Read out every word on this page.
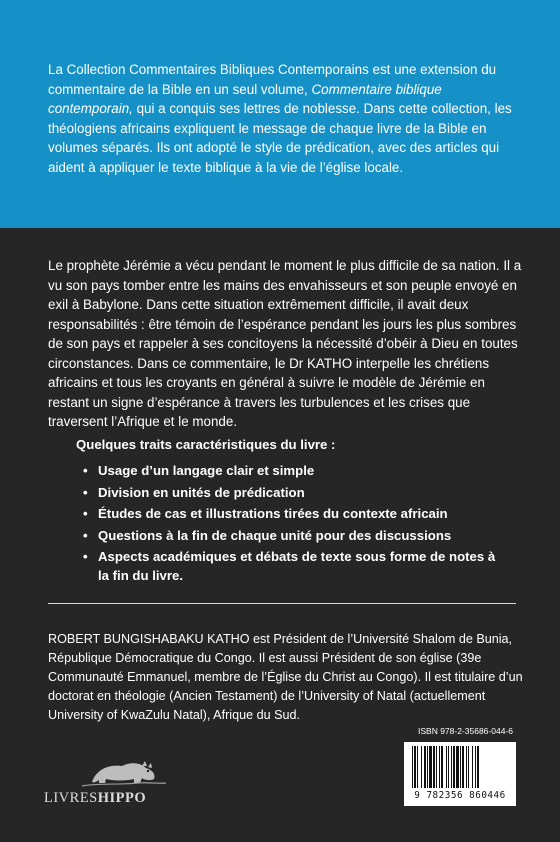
La Collection Commentaires Bibliques Contemporains est une extension du commentaire de la Bible en un seul volume, Commentaire biblique contemporain, qui a conquis ses lettres de noblesse. Dans cette collection, les théologiens africains expliquent le message de chaque livre de la Bible en volumes séparés. Ils ont adopté le style de prédication, avec des articles qui aident à appliquer le texte biblique à la vie de l’église locale.

Le prophète Jérémie a vécu pendant le moment le plus difficile de sa nation. Il a vu son pays tomber entre les mains des envahisseurs et son peuple envoyé en exil à Babylone. Dans cette situation extrêmement difficile, il avait deux responsabilités : être témoin de l’espérance pendant les jours les plus sombres de son pays et rappeler à ses concitoyens la nécessité d’obéir à Dieu en toutes circonstances. Dans ce commentaire, le Dr KATHO interpelle les chrétiens africains et tous les croyants en général à suivre le modèle de Jérémie en restant un signe d’espérance à travers les turbulences et les crises que traversent l’Afrique et le monde.

Quelques traits caractéristiques du livre :

• Usage d’un langage clair et simple
• Division en unités de prédication
• Études de cas et illustrations tirées du contexte africain
• Questions à la fin de chaque unité pour des discussions
• Aspects académiques et débats de texte sous forme de notes à la fin du livre.

ROBERT BUNGISHABAKU KATHO est Président de l’Université Shalom de Bunia, République Démocratique du Congo. Il est aussi Président de son église (39e Communauté Emmanuel, membre de l’Église du Christ au Congo). Il est titulaire d’un doctorat en théologie (Ancien Testament) de l’University of Natal (actuellement University of KwaZulu Natal), Afrique du Sud.

ISBN 978-2-35686-044-6
9 782356 860446
LIVRESHIPPO
